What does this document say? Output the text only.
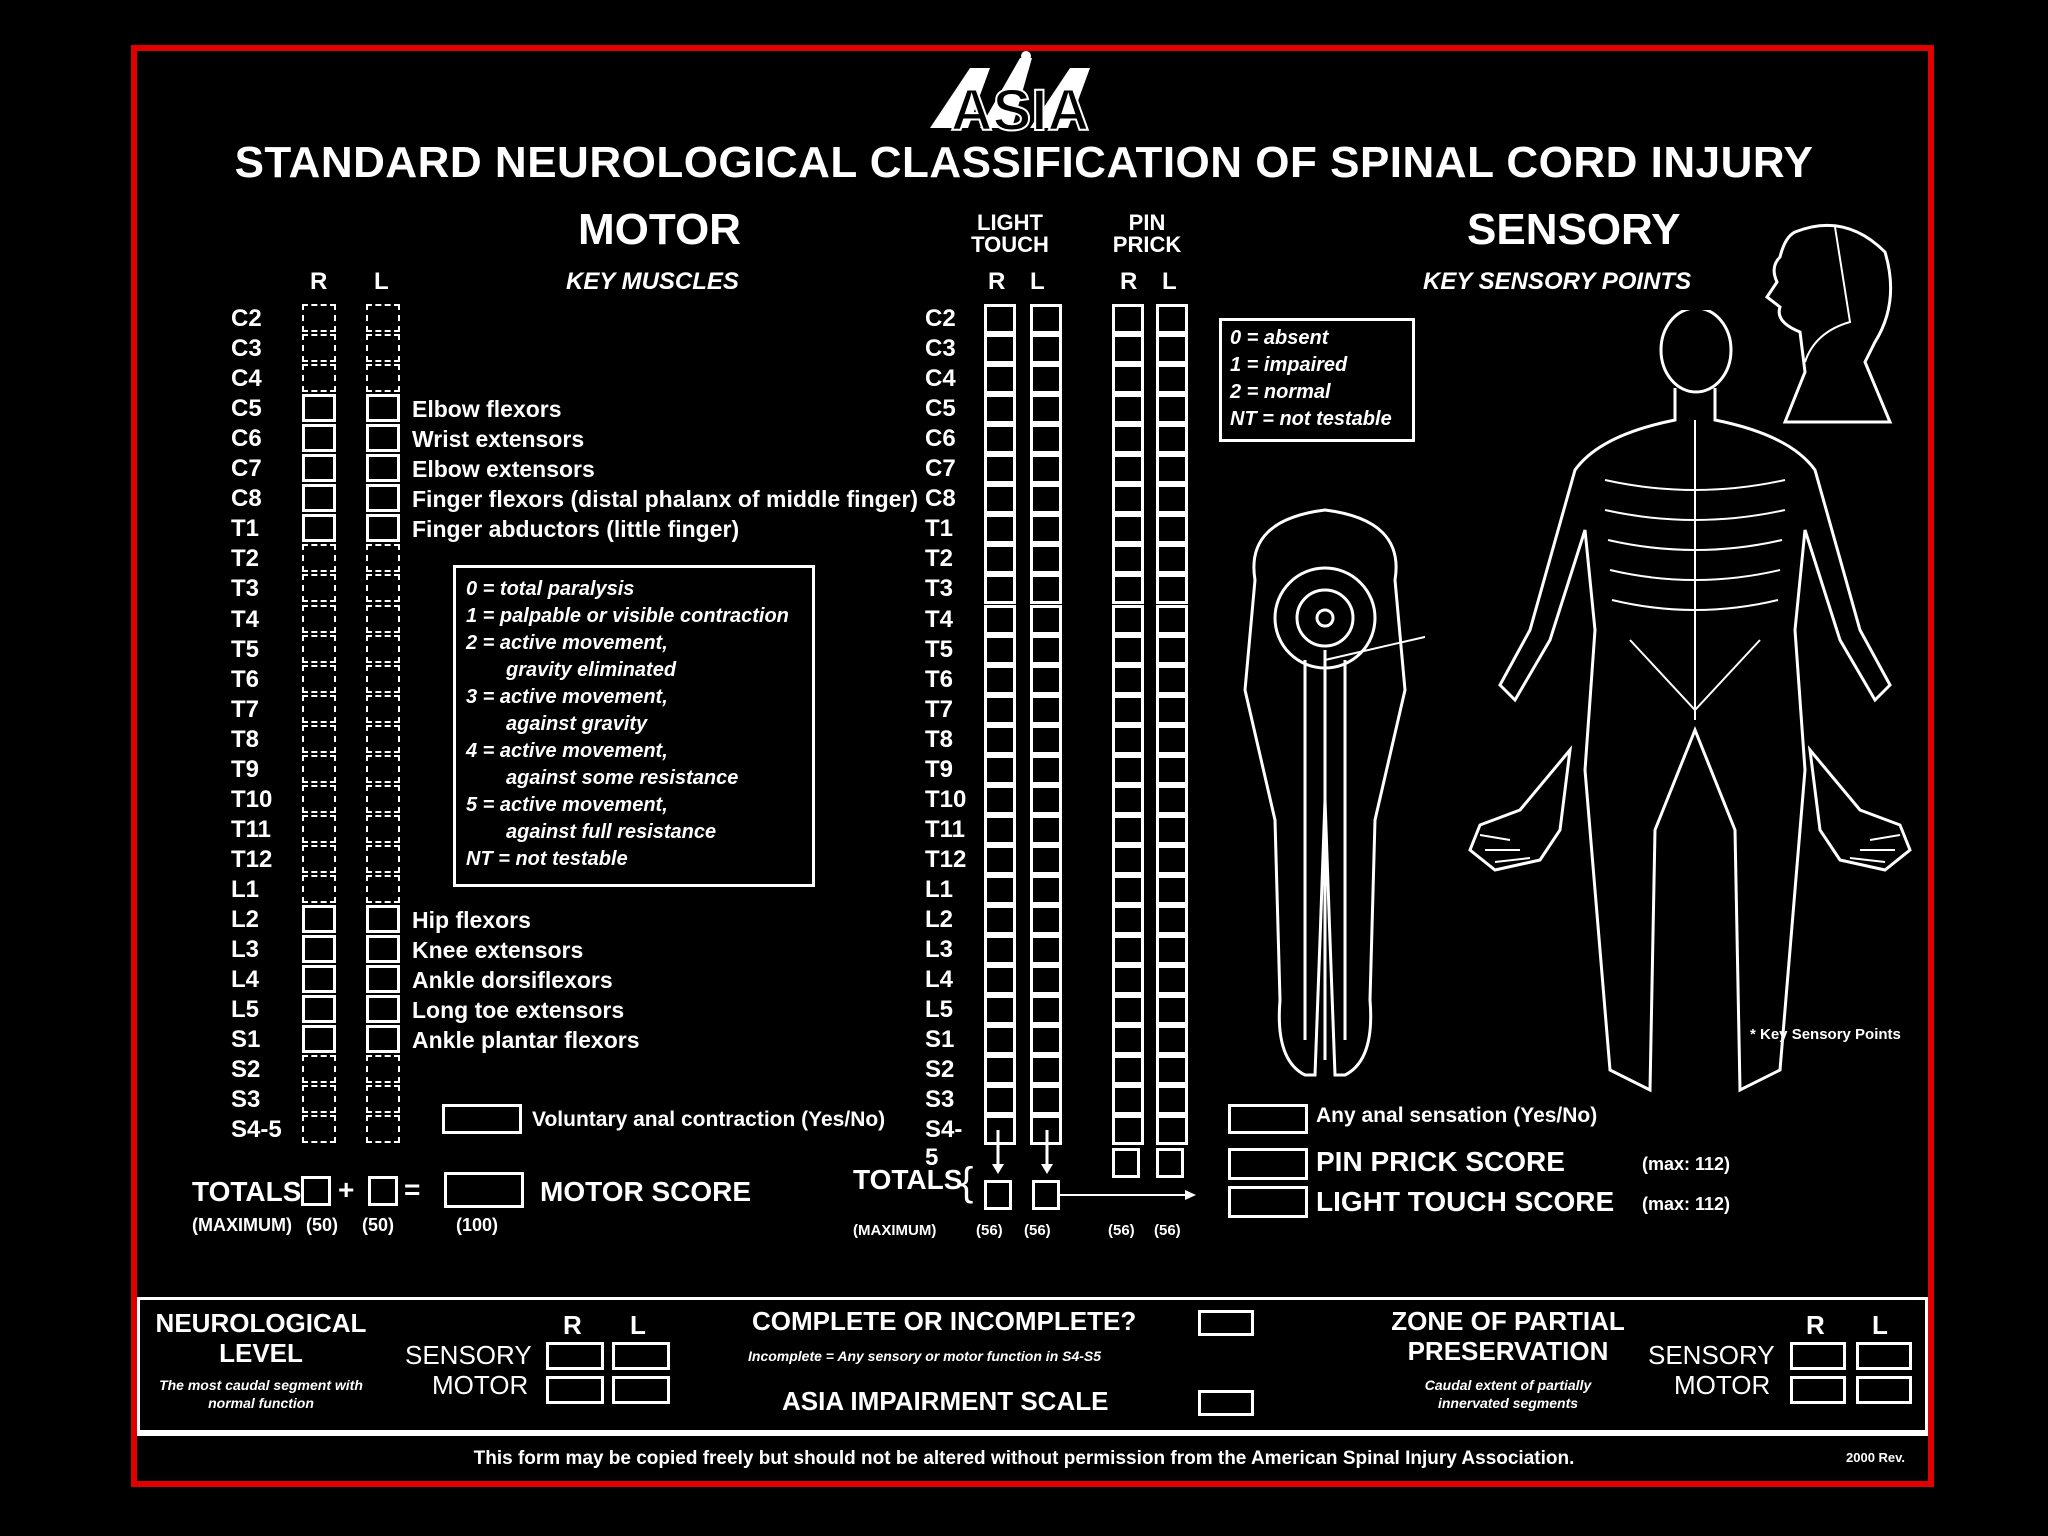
ASIA
STANDARD NEUROLOGICAL CLASSIFICATION OF SPINAL CORD INJURY
MOTOR
KEY MUSCLES
R L
LIGHT TOUCH
PIN PRICK
R L	R L
SENSORY
KEY SENSORY POINTS
C2	C2
C3	C3
C4	C4
C5	Elbow flexors	C5
C6	Wrist extensors	C6
C7	Elbow extensors	C7
C8	Finger flexors (distal phalanx of middle finger) C8
T1	Finger abductors (little finger)	T1
T2	T2
T3	T3
T4	T4
T5	T5
T6	T6
T7	T7
T8	T8
T9	T9
T10	T10
T11	T11
T12	T12
L1	L1
L2	Hip flexors	L2
L3	Knee extensors	L3
L4	Ankle dorsiflexors	L4
L5	Long toe extensors	L5
S1	Ankle plantar flexors	S1
S2	S2
S3	S3
S4-5	S4-5
0 = total paralysis
1 = palpable or visible contraction
2 = active movement,
gravity eliminated
3 = active movement,
against gravity
4 = active movement,
against some resistance
5 = active movement,
against full resistance
NT = not testable
0 = absent
1 = impaired
2 = normal
NT = not testable
Voluntary anal contraction (Yes/No)
TOTALS + =	MOTOR SCORE
(MAXIMUM) (50) (50)	(100)
Any anal sensation (Yes/No)
TOTALS
{	PIN PRICK SCORE
LIGHT TOUCH SCORE
(max: 112)
(max: 112)
(MAXIMUM)	(56) (56)	(56) (56)
* Key Sensory Points
NEUROLOGICAL LEVEL
The most caudal segment with normal function
R L
SENSORY
MOTOR
COMPLETE OR INCOMPLETE?
Incomplete = Any sensory or motor function in S4-S5
ASIA IMPAIRMENT SCALE
ZONE OF PARTIAL PRESERVATION
Caudal extent of partially innervated segments
R L
SENSORY
MOTOR
This form may be copied freely but should not be altered without permission from the American Spinal Injury Association.	2000 Rev.
